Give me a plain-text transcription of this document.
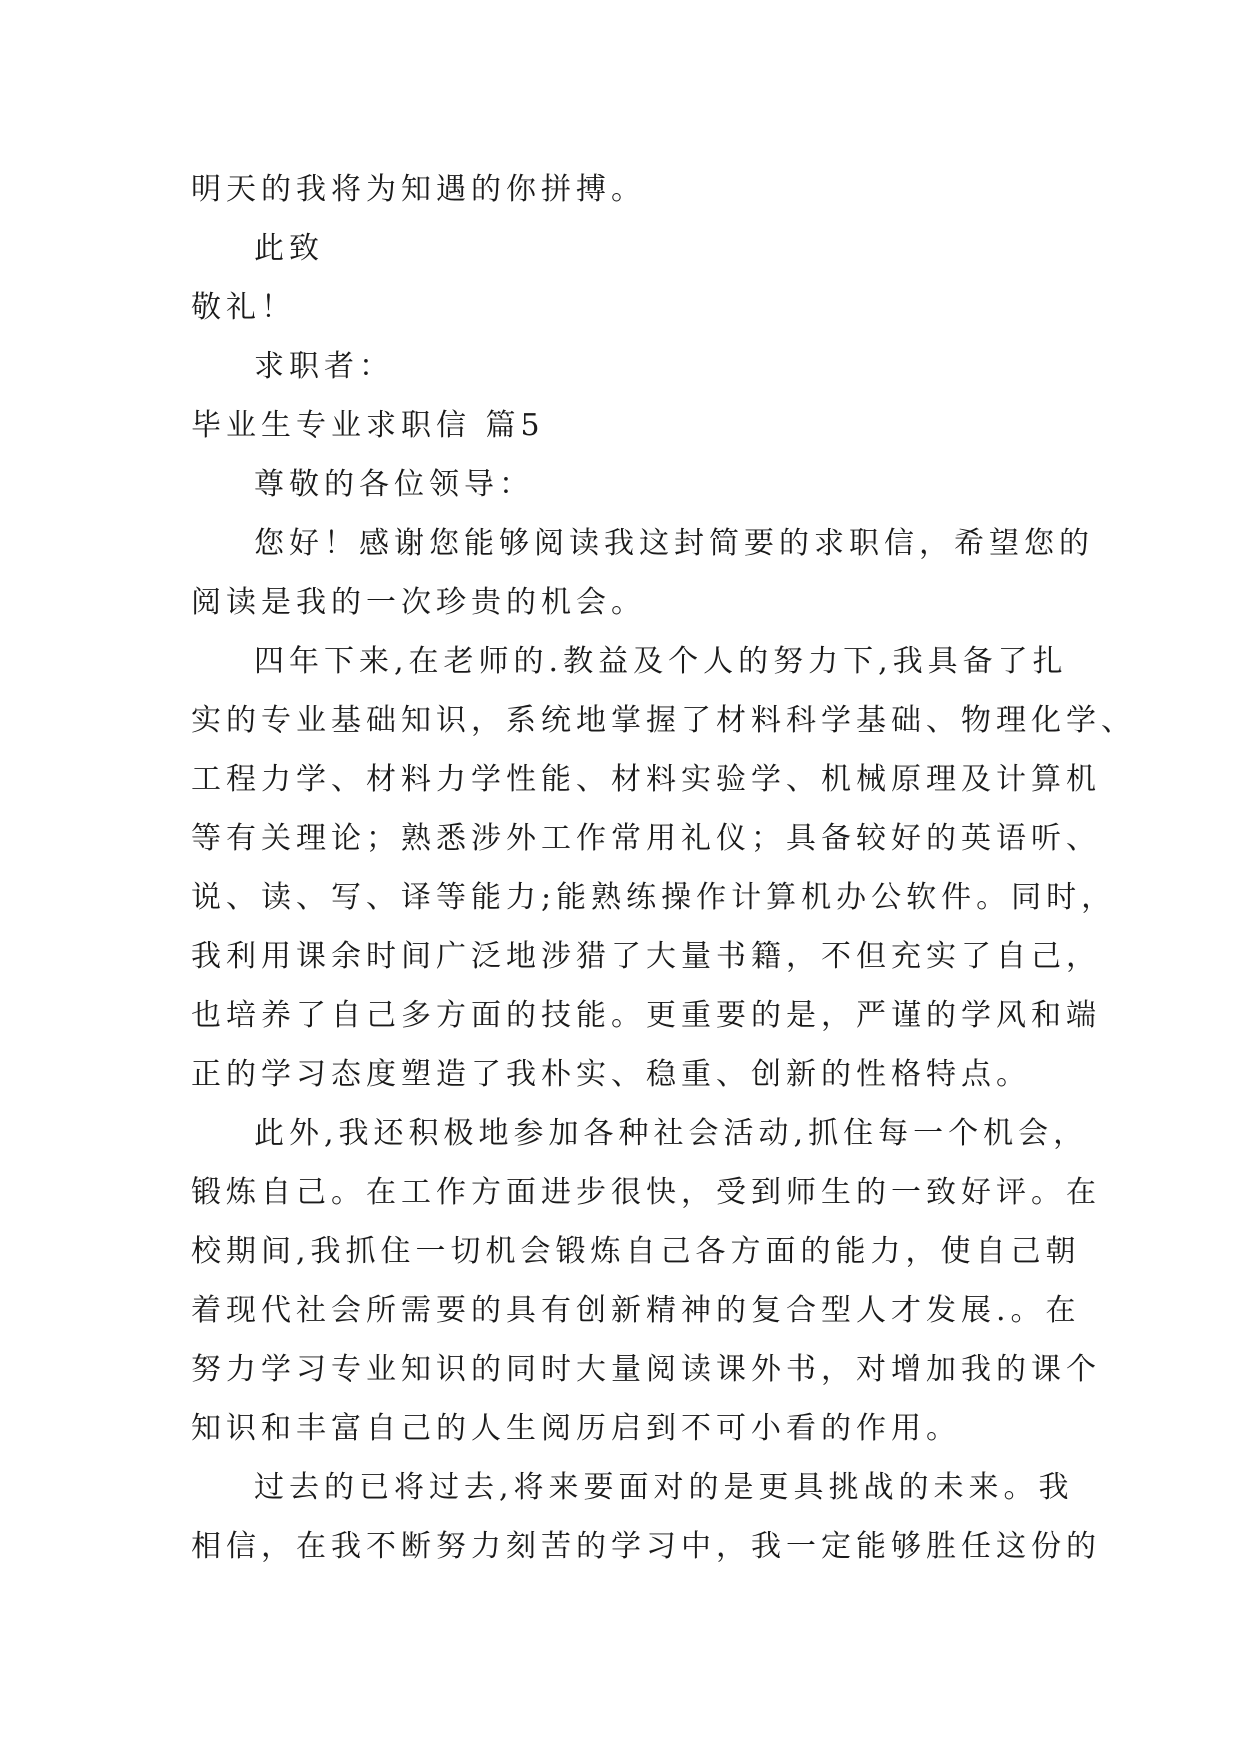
明天的我将为知遇的你拼搏。
此致
敬礼！
求职者：
毕业生专业求职信 篇5
尊敬的各位领导：
您好！感谢您能够阅读我这封简要的求职信，希望您的
阅读是我的一次珍贵的机会。
四年下来,在老师的.教益及个人的努力下,我具备了扎
实的专业基础知识，系统地掌握了材料科学基础、物理化学、
工程力学、材料力学性能、材料实验学、机械原理及计算机
等有关理论；熟悉涉外工作常用礼仪；具备较好的英语听、
说、读、写、译等能力;能熟练操作计算机办公软件。同时，
我利用课余时间广泛地涉猎了大量书籍，不但充实了自己，
也培养了自己多方面的技能。更重要的是，严谨的学风和端
正的学习态度塑造了我朴实、稳重、创新的性格特点。
此外,我还积极地参加各种社会活动,抓住每一个机会，
锻炼自己。在工作方面进步很快，受到师生的一致好评。在
校期间,我抓住一切机会锻炼自己各方面的能力，使自己朝
着现代社会所需要的具有创新精神的复合型人才发展.。在
努力学习专业知识的同时大量阅读课外书，对增加我的课个
知识和丰富自己的人生阅历启到不可小看的作用。
过去的已将过去,将来要面对的是更具挑战的未来。我
相信，在我不断努力刻苦的学习中，我一定能够胜任这份的
